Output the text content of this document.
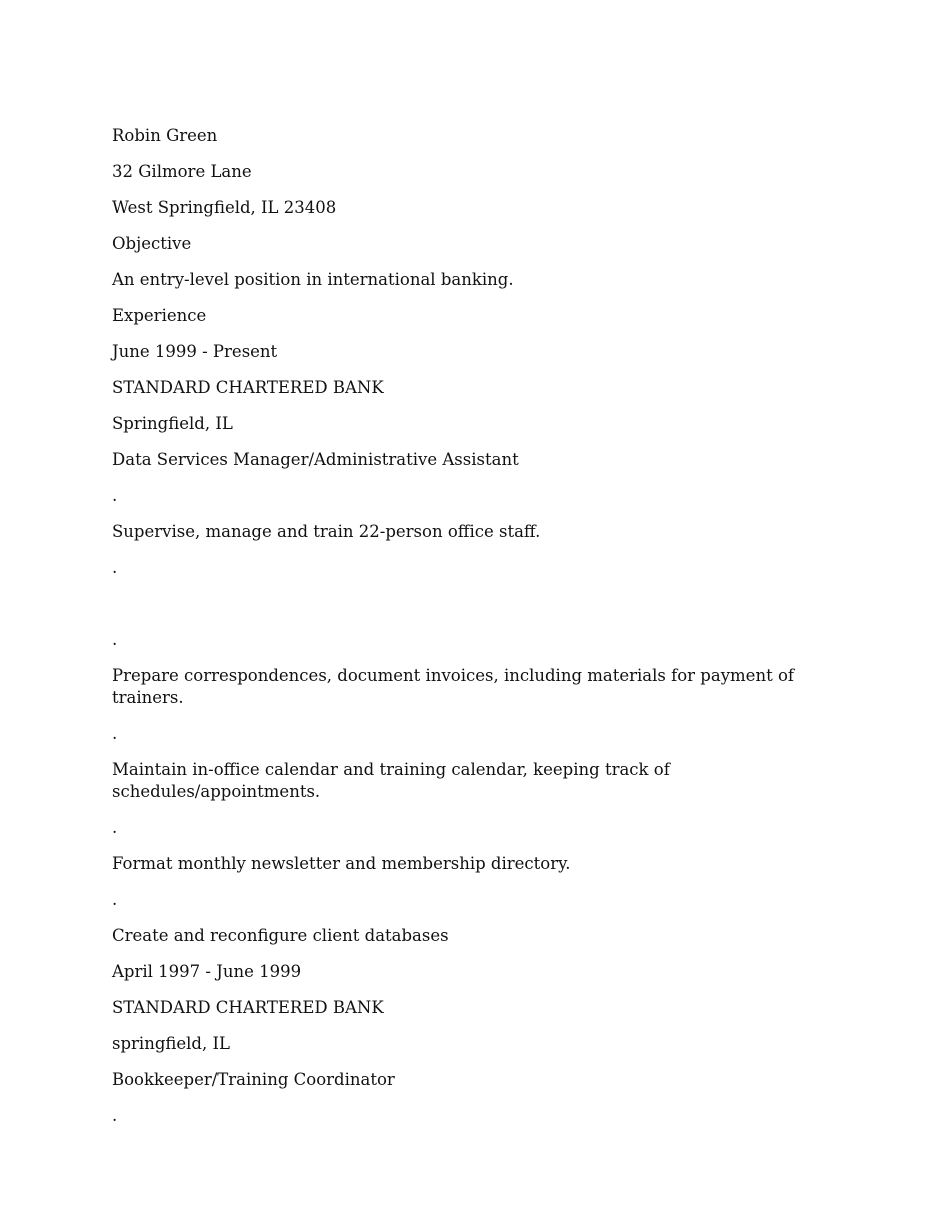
Robin Green

32 Gilmore Lane

West Springfield, IL 23408

Objective

An entry-level position in international banking.

Experience

June 1999 - Present

STANDARD CHARTERED BANK

Springfield, IL

Data Services Manager/Administrative Assistant

.

Supervise, manage and train 22-person office staff.

.

.

Prepare correspondences, document invoices, including materials for payment of trainers.

.

Maintain in-office calendar and training calendar, keeping track of schedules/appointments.

.

Format monthly newsletter and membership directory.

.

Create and reconfigure client databases

April 1997 - June 1999

STANDARD CHARTERED BANK

springfield, IL

Bookkeeper/Training Coordinator

.
